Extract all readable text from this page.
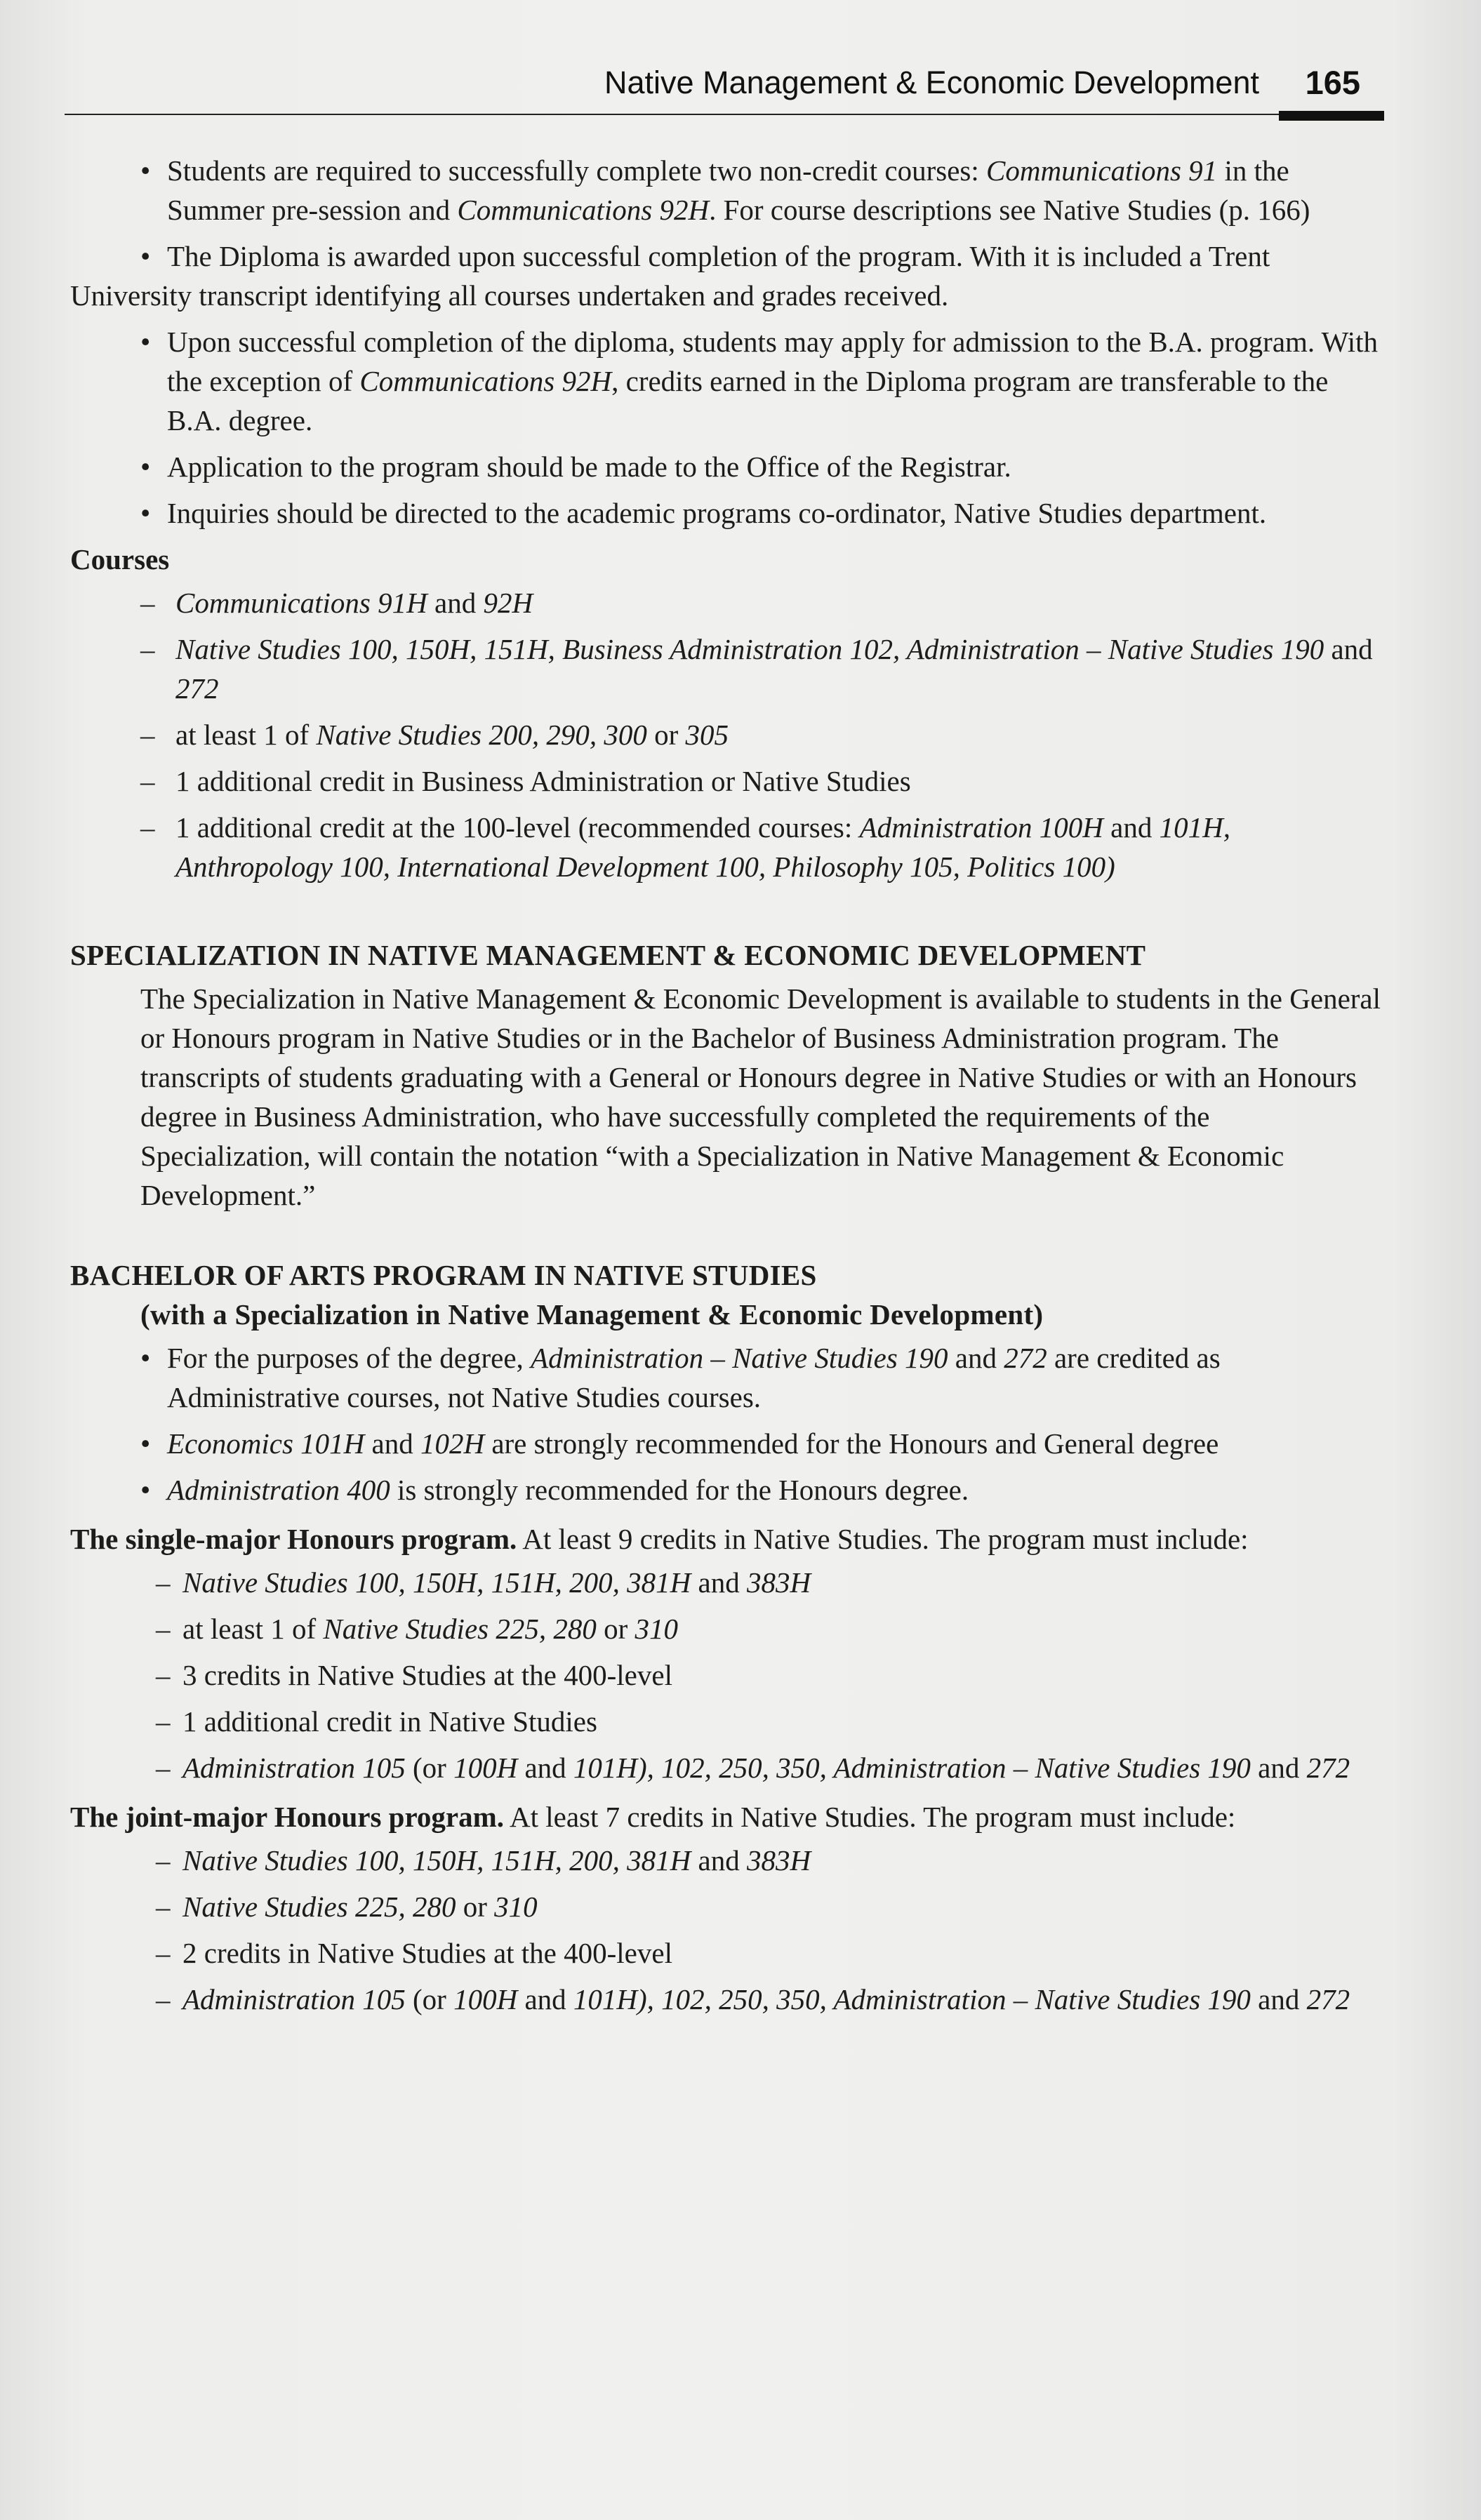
Native Management & Economic Development 165
• Students are required to successfully complete two non-credit courses: Communications 91 in the Summer pre-session and Communications 92H. For course descriptions see Native Studies (p. 166)
• The Diploma is awarded upon successful completion of the program. With it is included a Trent University transcript identifying all courses undertaken and grades received.
• Upon successful completion of the diploma, students may apply for admission to the B.A. program. With the exception of Communications 92H, credits earned in the Diploma program are transferable to the B.A. degree.
• Application to the program should be made to the Office of the Registrar.
• Inquiries should be directed to the academic programs co-ordinator, Native Studies department.
Courses
– Communications 91H and 92H
– Native Studies 100, 150H, 151H, Business Administration 102, Administration – Native Studies 190 and 272
– at least 1 of Native Studies 200, 290, 300 or 305
– 1 additional credit in Business Administration or Native Studies
– 1 additional credit at the 100-level (recommended courses: Administration 100H and 101H, Anthropology 100, International Development 100, Philosophy 105, Politics 100)
SPECIALIZATION IN NATIVE MANAGEMENT & ECONOMIC DEVELOPMENT
The Specialization in Native Management & Economic Development is available to students in the General or Honours program in Native Studies or in the Bachelor of Business Administration program. The transcripts of students graduating with a General or Honours degree in Native Studies or with an Honours degree in Business Administration, who have successfully completed the requirements of the Specialization, will contain the notation “with a Specialization in Native Management & Economic Development.”
BACHELOR OF ARTS PROGRAM IN NATIVE STUDIES
(with a Specialization in Native Management & Economic Development)
• For the purposes of the degree, Administration – Native Studies 190 and 272 are credited as Administrative courses, not Native Studies courses.
• Economics 101H and 102H are strongly recommended for the Honours and General degree
• Administration 400 is strongly recommended for the Honours degree.
The single-major Honours program. At least 9 credits in Native Studies. The program must include:
– Native Studies 100, 150H, 151H, 200, 381H and 383H
– at least 1 of Native Studies 225, 280 or 310
– 3 credits in Native Studies at the 400-level
– 1 additional credit in Native Studies
– Administration 105 (or 100H and 101H), 102, 250, 350, Administration – Native Studies 190 and 272
The joint-major Honours program. At least 7 credits in Native Studies. The program must include:
– Native Studies 100, 150H, 151H, 200, 381H and 383H
– Native Studies 225, 280 or 310
– 2 credits in Native Studies at the 400-level
– Administration 105 (or 100H and 101H), 102, 250, 350, Administration – Native Studies 190 and 272
